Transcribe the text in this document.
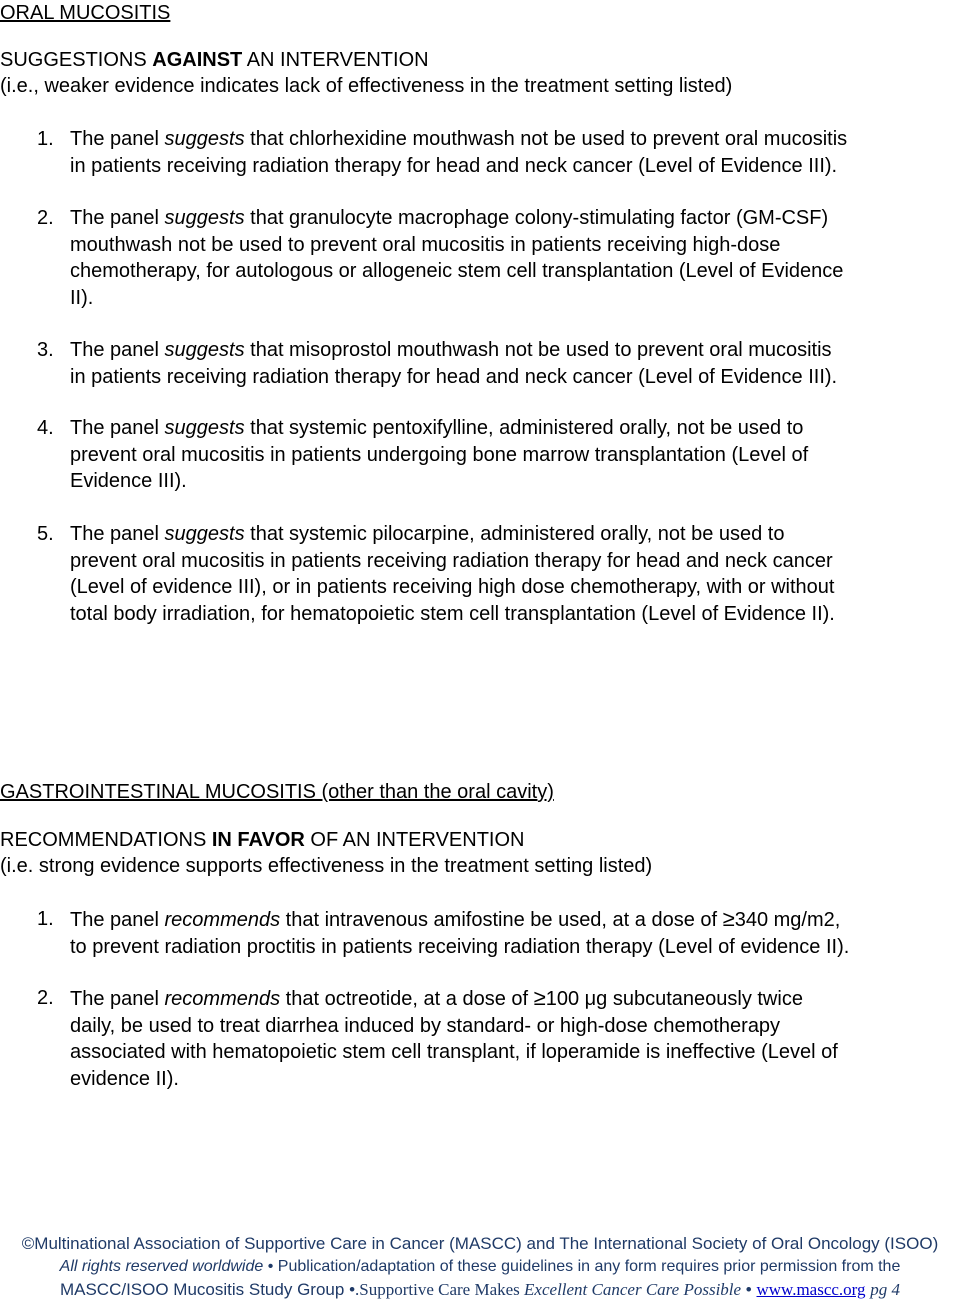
ORAL MUCOSITIS
SUGGESTIONS AGAINST AN INTERVENTION
(i.e., weaker evidence indicates lack of effectiveness in the treatment setting listed)
1. The panel suggests that chlorhexidine mouthwash not be used to prevent oral mucositis
in patients receiving radiation therapy for head and neck cancer (Level of Evidence III).
2. The panel suggests that granulocyte macrophage colony-stimulating factor (GM-CSF)
mouthwash not be used to prevent oral mucositis in patients receiving high-dose
chemotherapy, for autologous or allogeneic stem cell transplantation (Level of Evidence
II).
3. The panel suggests that misoprostol mouthwash not be used to prevent oral mucositis
in patients receiving radiation therapy for head and neck cancer (Level of Evidence III).
4. The panel suggests that systemic pentoxifylline, administered orally, not be used to
prevent oral mucositis in patients undergoing bone marrow transplantation (Level of
Evidence III).
5. The panel suggests that systemic pilocarpine, administered orally, not be used to
prevent oral mucositis in patients receiving radiation therapy for head and neck cancer
(Level of evidence III), or in patients receiving high dose chemotherapy, with or without
total body irradiation, for hematopoietic stem cell transplantation (Level of Evidence II).
GASTROINTESTINAL MUCOSITIS (other than the oral cavity)
RECOMMENDATIONS IN FAVOR OF AN INTERVENTION
(i.e. strong evidence supports effectiveness in the treatment setting listed)
1. The panel recommends that intravenous amifostine be used, at a dose of ≥340 mg/m2,
to prevent radiation proctitis in patients receiving radiation therapy (Level of evidence II).
2. The panel recommends that octreotide, at a dose of ≥100 μg subcutaneously twice
daily, be used to treat diarrhea induced by standard- or high-dose chemotherapy
associated with hematopoietic stem cell transplant, if loperamide is ineffective (Level of
evidence II).
©Multinational Association of Supportive Care in Cancer (MASCC) and The International Society of Oral Oncology (ISOO)
All rights reserved worldwide • Publication/adaptation of these guidelines in any form requires prior permission from the
MASCC/ISOO Mucositis Study Group •.Supportive Care Makes Excellent Cancer Care Possible • www.mascc.org pg 4
